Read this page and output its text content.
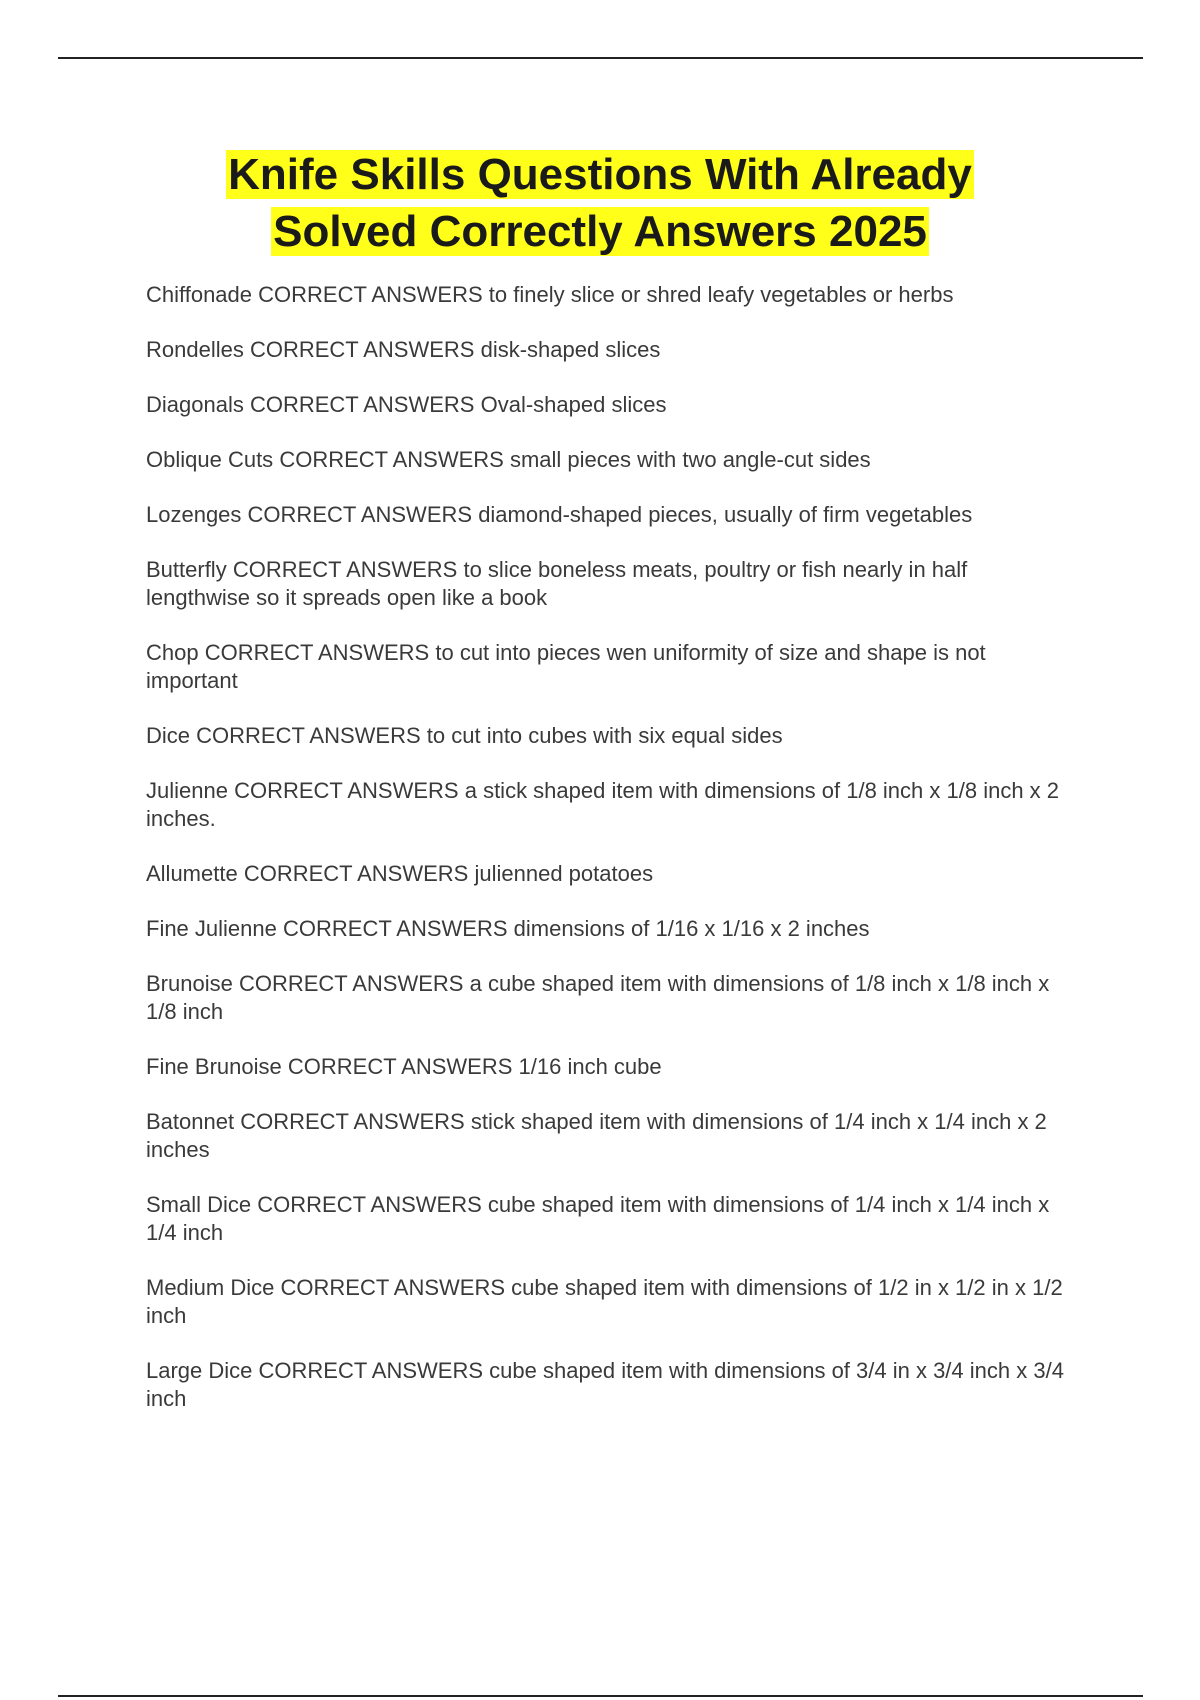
Knife Skills Questions With Already
Solved Correctly Answers 2025
Chiffonade CORRECT ANSWERS to finely slice or shred leafy vegetables or herbs
Rondelles CORRECT ANSWERS disk-shaped slices
Diagonals CORRECT ANSWERS Oval-shaped slices
Oblique Cuts CORRECT ANSWERS small pieces with two angle-cut sides
Lozenges CORRECT ANSWERS diamond-shaped pieces, usually of firm vegetables
Butterfly CORRECT ANSWERS to slice boneless meats, poultry or fish nearly in half lengthwise so it spreads open like a book
Chop CORRECT ANSWERS to cut into pieces wen uniformity of size and shape is not important
Dice CORRECT ANSWERS to cut into cubes with six equal sides
Julienne CORRECT ANSWERS a stick shaped item with dimensions of 1/8 inch x 1/8 inch x 2 inches.
Allumette CORRECT ANSWERS julienned potatoes
Fine Julienne CORRECT ANSWERS dimensions of 1/16 x 1/16 x 2 inches
Brunoise CORRECT ANSWERS a cube shaped item with dimensions of 1/8 inch x 1/8 inch x 1/8 inch
Fine Brunoise CORRECT ANSWERS 1/16 inch cube
Batonnet CORRECT ANSWERS stick shaped item with dimensions of 1/4 inch x 1/4 inch x 2 inches
Small Dice CORRECT ANSWERS cube shaped item with dimensions of 1/4 inch x 1/4 inch x 1/4 inch
Medium Dice CORRECT ANSWERS cube shaped item with dimensions of 1/2 in x 1/2 in x 1/2 inch
Large Dice CORRECT ANSWERS cube shaped item with dimensions of 3/4 in x 3/4 inch x 3/4 inch
